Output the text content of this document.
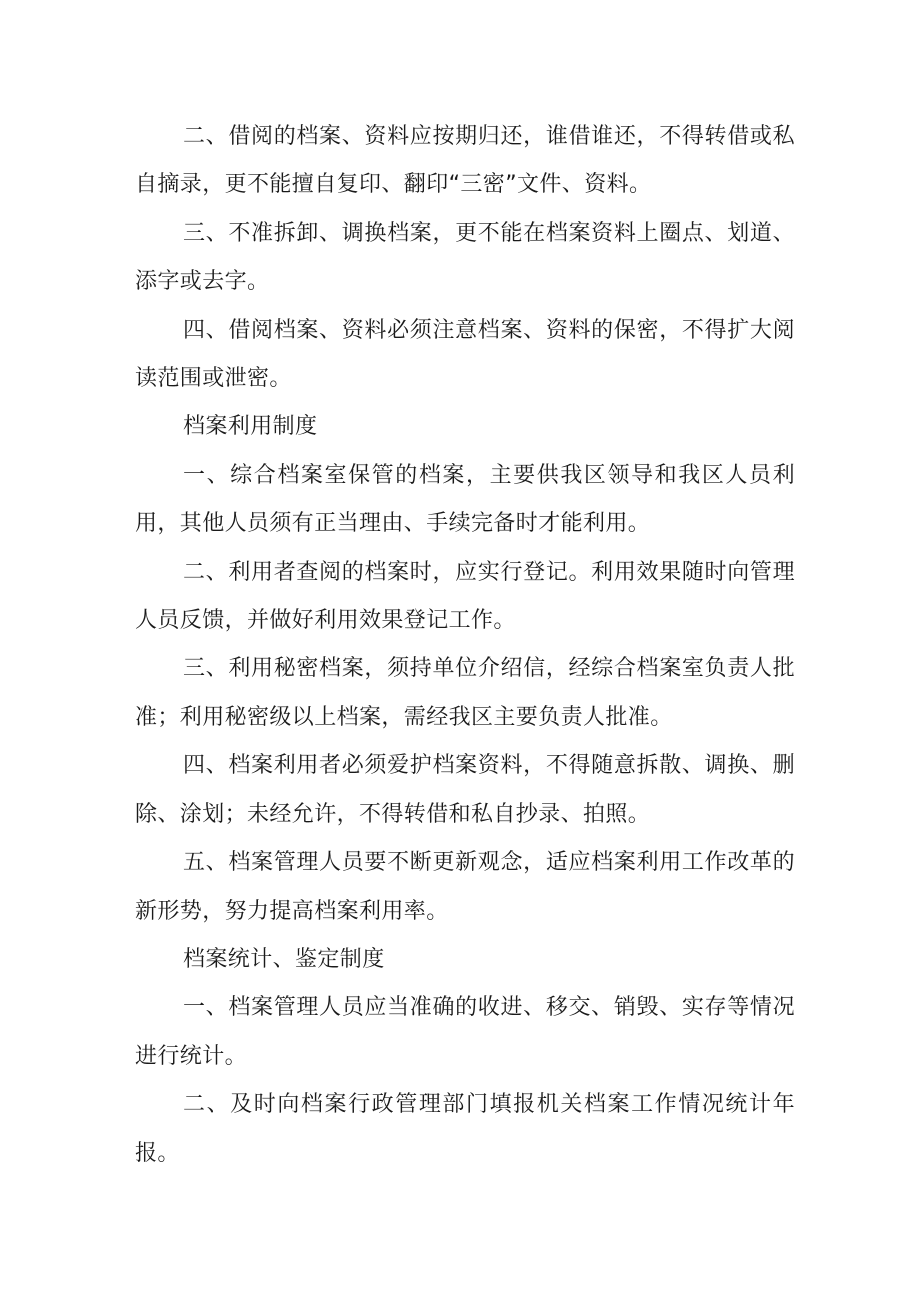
二、借阅的档案、资料应按期归还，谁借谁还，不得转借或私自摘录，更不能擅自复印、翻印“三密”文件、资料。

三、不准拆卸、调换档案，更不能在档案资料上圈点、划道、添字或去字。

四、借阅档案、资料必须注意档案、资料的保密，不得扩大阅读范围或泄密。

档案利用制度

一、综合档案室保管的档案，主要供我区领导和我区人员利用，其他人员须有正当理由、手续完备时才能利用。

二、利用者查阅的档案时，应实行登记。利用效果随时向管理人员反馈，并做好利用效果登记工作。

三、利用秘密档案，须持单位介绍信，经综合档案室负责人批准；利用秘密级以上档案，需经我区主要负责人批准。

四、档案利用者必须爱护档案资料，不得随意拆散、调换、删除、涂划；未经允许，不得转借和私自抄录、拍照。

五、档案管理人员要不断更新观念，适应档案利用工作改革的新形势，努力提高档案利用率。

档案统计、鉴定制度

一、档案管理人员应当准确的收进、移交、销毁、实存等情况进行统计。

二、及时向档案行政管理部门填报机关档案工作情况统计年报。
